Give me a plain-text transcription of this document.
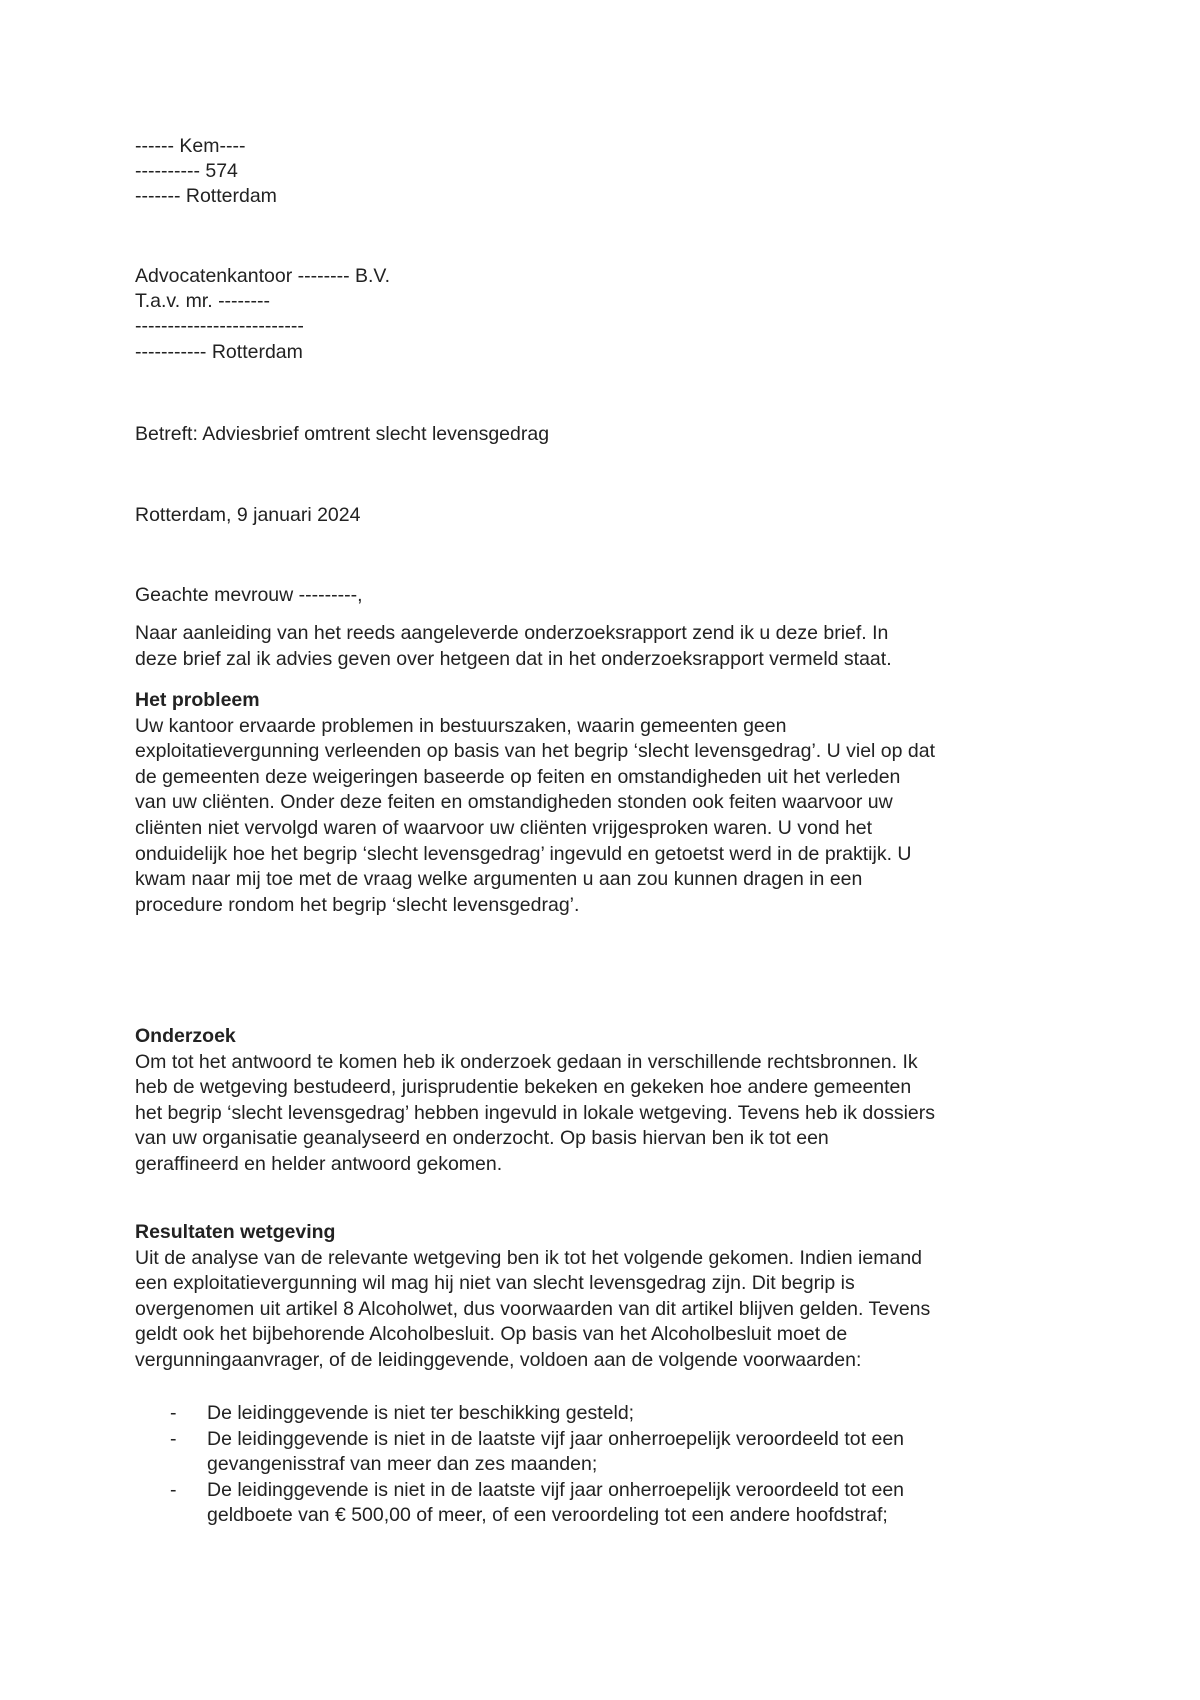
------ Kem----
---------- 574
------- Rotterdam
Advocatenkantoor -------- B.V.
T.a.v. mr. --------
--------------------------
----------- Rotterdam
Betreft: Adviesbrief omtrent slecht levensgedrag
Rotterdam, 9 januari 2024
Geachte mevrouw ---------,
Naar aanleiding van het reeds aangeleverde onderzoeksrapport zend ik u deze brief. In
deze brief zal ik advies geven over hetgeen dat in het onderzoeksrapport vermeld staat.
Het probleem
Uw kantoor ervaarde problemen in bestuurszaken, waarin gemeenten geen
exploitatievergunning verleenden op basis van het begrip ‘slecht levensgedrag’. U viel op dat
de gemeenten deze weigeringen baseerde op feiten en omstandigheden uit het verleden
van uw cliënten. Onder deze feiten en omstandigheden stonden ook feiten waarvoor uw
cliënten niet vervolgd waren of waarvoor uw cliënten vrijgesproken waren. U vond het
onduidelijk hoe het begrip ‘slecht levensgedrag’ ingevuld en getoetst werd in de praktijk. U
kwam naar mij toe met de vraag welke argumenten u aan zou kunnen dragen in een
procedure rondom het begrip ‘slecht levensgedrag’.
Onderzoek
Om tot het antwoord te komen heb ik onderzoek gedaan in verschillende rechtsbronnen. Ik
heb de wetgeving bestudeerd, jurisprudentie bekeken en gekeken hoe andere gemeenten
het begrip ‘slecht levensgedrag’ hebben ingevuld in lokale wetgeving. Tevens heb ik dossiers
van uw organisatie geanalyseerd en onderzocht. Op basis hiervan ben ik tot een
geraffineerd en helder antwoord gekomen.
Resultaten wetgeving
Uit de analyse van de relevante wetgeving ben ik tot het volgende gekomen. Indien iemand
een exploitatievergunning wil mag hij niet van slecht levensgedrag zijn. Dit begrip is
overgenomen uit artikel 8 Alcoholwet, dus voorwaarden van dit artikel blijven gelden. Tevens
geldt ook het bijbehorende Alcoholbesluit. Op basis van het Alcoholbesluit moet de
vergunningaanvrager, of de leidinggevende, voldoen aan de volgende voorwaarden:
- De leidinggevende is niet ter beschikking gesteld;
- De leidinggevende is niet in de laatste vijf jaar onherroepelijk veroordeeld tot een
gevangenisstraf van meer dan zes maanden;
- De leidinggevende is niet in de laatste vijf jaar onherroepelijk veroordeeld tot een
geldboete van € 500,00 of meer, of een veroordeling tot een andere hoofdstraf;
